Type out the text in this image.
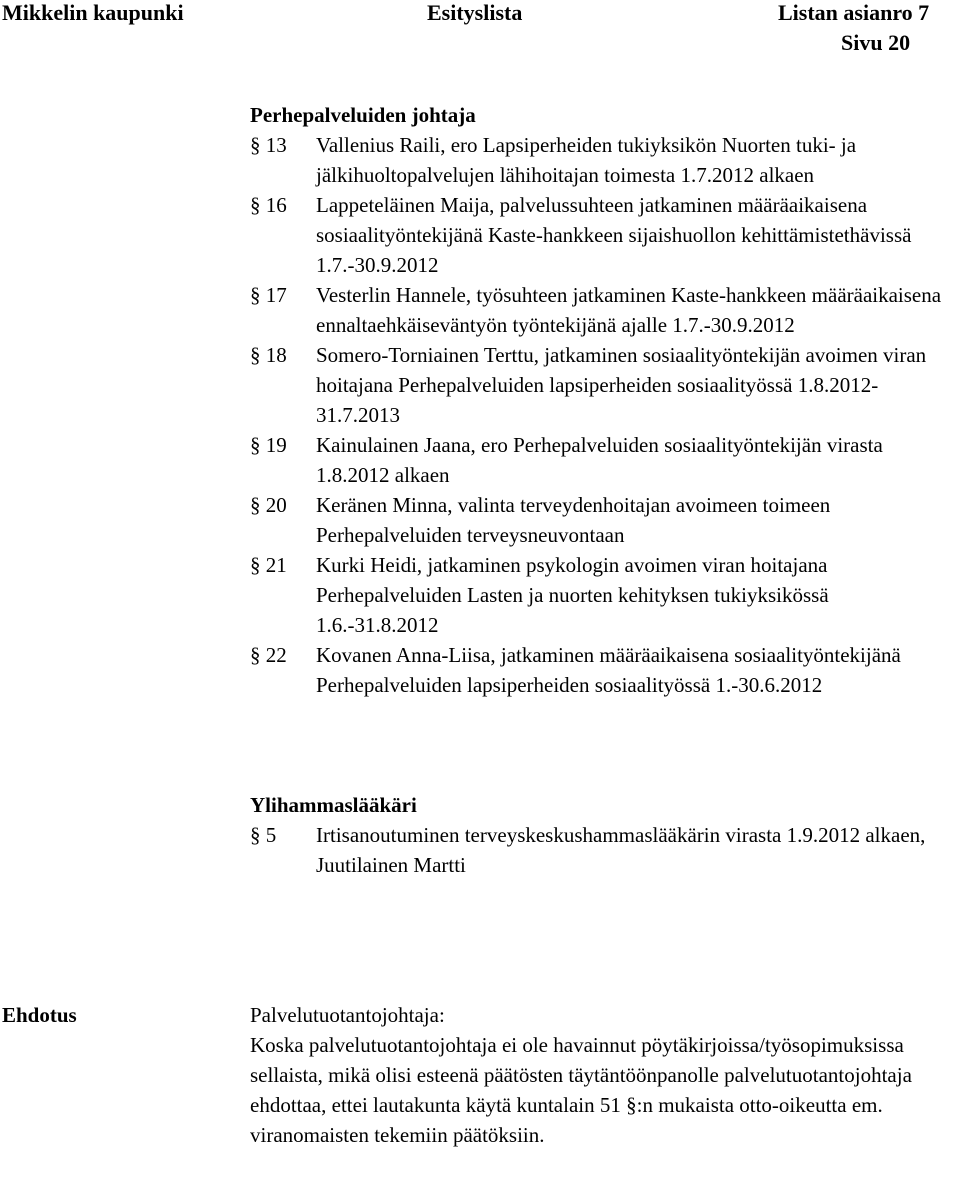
Mikkelin kaupunki	Esityslista	Listan asianro 7
Sivu 20
Perhepalveluiden johtaja
§ 13 Vallenius Raili, ero Lapsiperheiden tukiyksikön Nuorten tuki- ja jälkihuoltopalvelujen lähihoitajan toimesta 1.7.2012 alkaen
§ 16 Lappeteläinen Maija, palvelussuhteen jatkaminen määräaikaisena sosiaalityöntekijänä Kaste-hankkeen sijaishuollon kehittämistethävissä 1.7.-30.9.2012
§ 17 Vesterlin Hannele, työsuhteen jatkaminen Kaste-hankkeen määräaikaisena ennaltaehkäiseväntyön työntekijänä ajalle 1.7.-30.9.2012
§ 18 Somero-Torniainen Terttu, jatkaminen sosiaalityöntekijän avoimen viran hoitajana Perhepalveluiden lapsiperheiden sosiaalityössä 1.8.2012-31.7.2013
§ 19 Kainulainen Jaana, ero Perhepalveluiden sosiaalityöntekijän virasta 1.8.2012 alkaen
§ 20 Keränen Minna, valinta terveydenhoitajan avoimeen toimeen Perhepalveluiden terveysneuvontaan
§ 21 Kurki Heidi, jatkaminen psykologin avoimen viran hoitajana Perhepalveluiden Lasten ja nuorten kehityksen tukiyksikössä 1.6.-31.8.2012
§ 22 Kovanen Anna-Liisa, jatkaminen määräaikaisena sosiaalityöntekijänä Perhepalveluiden lapsiperheiden sosiaalityössä 1.-30.6.2012
Ylihammaslääkäri
§ 5 Irtisanoutuminen terveyskeskushammaslääkärin virasta 1.9.2012 alkaen, Juutilainen Martti
Ehdotus	Palvelutuotantojohtaja:
Koska palvelutuotantojohtaja ei ole havainnut pöytäkirjoissa/työsopimuksissa sellaista, mikä olisi esteenä päätösten täytäntöönpanolle palvelutuotantojohtaja ehdottaa, ettei lautakunta käytä kuntalain 51 §:n mukaista otto-oikeutta em. viranomaisten tekemiin päätöksiin.
